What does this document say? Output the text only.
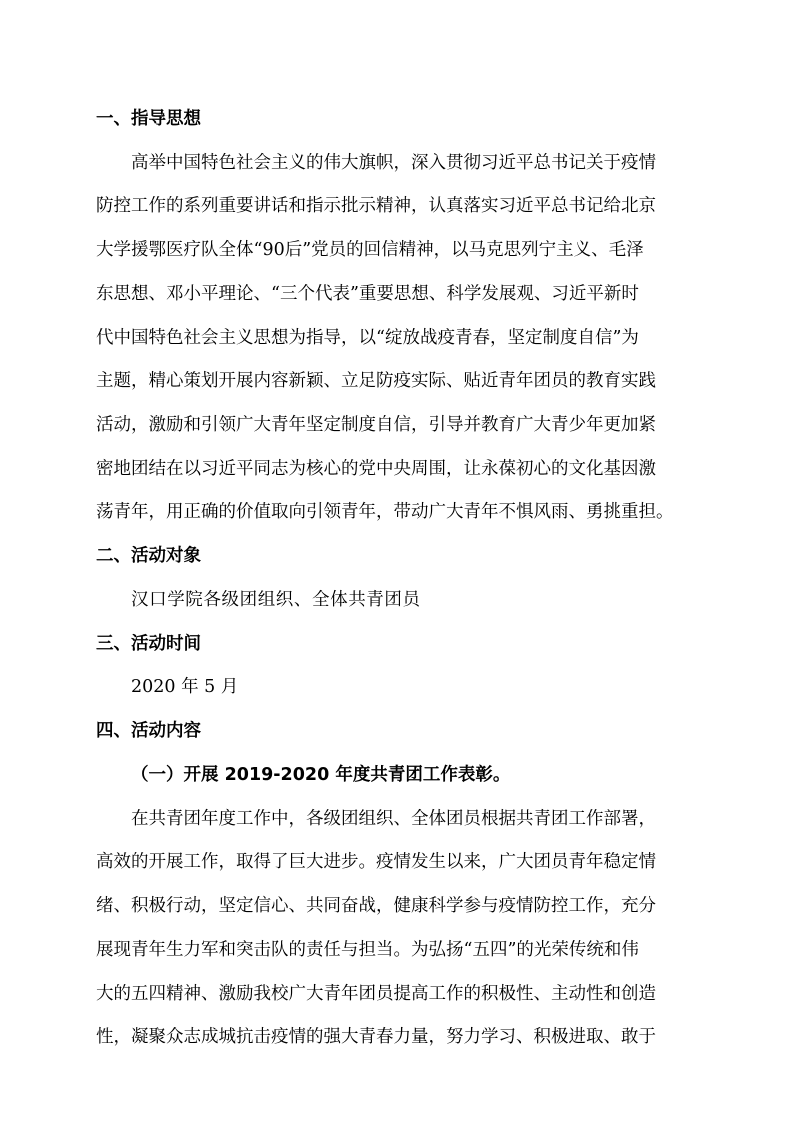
一、指导思想
高举中国特色社会主义的伟大旗帜，深入贯彻习近平总书记关于疫情
防控工作的系列重要讲话和指示批示精神，认真落实习近平总书记给北京
大学援鄂医疗队全体“90后”党员的回信精神，以马克思列宁主义、毛泽
东思想、邓小平理论、“三个代表”重要思想、科学发展观、习近平新时
代中国特色社会主义思想为指导，以“绽放战疫青春，坚定制度自信”为
主题，精心策划开展内容新颖、立足防疫实际、贴近青年团员的教育实践
活动，激励和引领广大青年坚定制度自信，引导并教育广大青少年更加紧
密地团结在以习近平同志为核心的党中央周围，让永葆初心的文化基因激
荡青年，用正确的价值取向引领青年，带动广大青年不惧风雨、勇挑重担。
二、活动对象
汉口学院各级团组织、全体共青团员
三、活动时间
2020 年 5 月
四、活动内容
（一）开展 2019-2020 年度共青团工作表彰。
在共青团年度工作中，各级团组织、全体团员根据共青团工作部署，
高效的开展工作，取得了巨大进步。疫情发生以来，广大团员青年稳定情
绪、积极行动，坚定信心、共同奋战，健康科学参与疫情防控工作，充分
展现青年生力军和突击队的责任与担当。为弘扬“五四”的光荣传统和伟
大的五四精神、激励我校广大青年团员提高工作的积极性、主动性和创造
性，凝聚众志成城抗击疫情的强大青春力量，努力学习、积极进取、敢于
